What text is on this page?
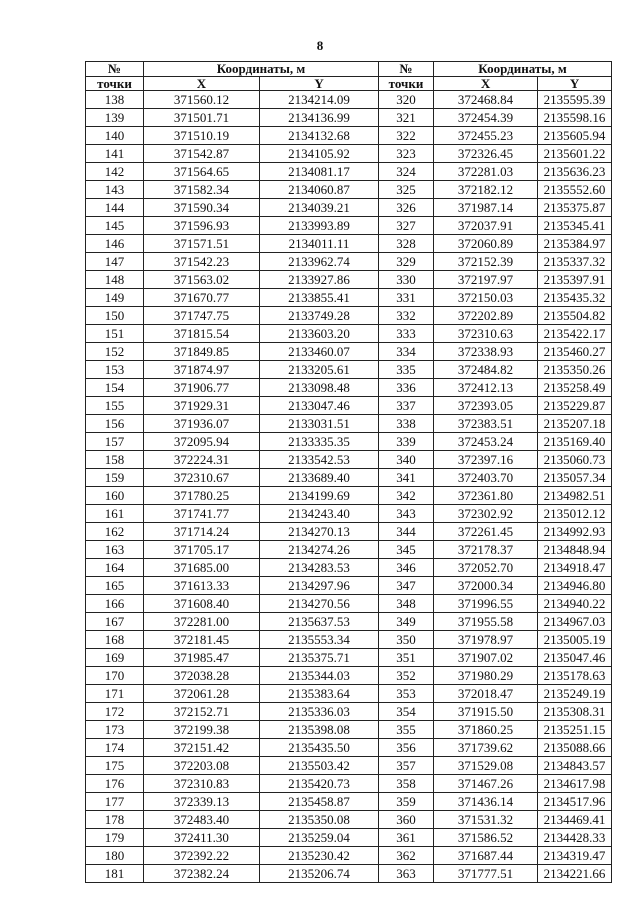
8
№	Координаты, м		№	Координаты, м	
точки	X	Y	точки	X	Y
138	371560.12	2134214.09	320	372468.84	2135595.39
139	371501.71	2134136.99	321	372454.39	2135598.16
140	371510.19	2134132.68	322	372455.23	2135605.94
141	371542.87	2134105.92	323	372326.45	2135601.22
142	371564.65	2134081.17	324	372281.03	2135636.23
143	371582.34	2134060.87	325	372182.12	2135552.60
144	371590.34	2134039.21	326	371987.14	2135375.87
145	371596.93	2133993.89	327	372037.91	2135345.41
146	371571.51	2134011.11	328	372060.89	2135384.97
147	371542.23	2133962.74	329	372152.39	2135337.32
148	371563.02	2133927.86	330	372197.97	2135397.91
149	371670.77	2133855.41	331	372150.03	2135435.32
150	371747.75	2133749.28	332	372202.89	2135504.82
151	371815.54	2133603.20	333	372310.63	2135422.17
152	371849.85	2133460.07	334	372338.93	2135460.27
153	371874.97	2133205.61	335	372484.82	2135350.26
154	371906.77	2133098.48	336	372412.13	2135258.49
155	371929.31	2133047.46	337	372393.05	2135229.87
156	371936.07	2133031.51	338	372383.51	2135207.18
157	372095.94	2133335.35	339	372453.24	2135169.40
158	372224.31	2133542.53	340	372397.16	2135060.73
159	372310.67	2133689.40	341	372403.70	2135057.34
160	371780.25	2134199.69	342	372361.80	2134982.51
161	371741.77	2134243.40	343	372302.92	2135012.12
162	371714.24	2134270.13	344	372261.45	2134992.93
163	371705.17	2134274.26	345	372178.37	2134848.94
164	371685.00	2134283.53	346	372052.70	2134918.47
165	371613.33	2134297.96	347	372000.34	2134946.80
166	371608.40	2134270.56	348	371996.55	2134940.22
167	372281.00	2135637.53	349	371955.58	2134967.03
168	372181.45	2135553.34	350	371978.97	2135005.19
169	371985.47	2135375.71	351	371907.02	2135047.46
170	372038.28	2135344.03	352	371980.29	2135178.63
171	372061.28	2135383.64	353	372018.47	2135249.19
172	372152.71	2135336.03	354	371915.50	2135308.31
173	372199.38	2135398.08	355	371860.25	2135251.15
174	372151.42	2135435.50	356	371739.62	2135088.66
175	372203.08	2135503.42	357	371529.08	2134843.57
176	372310.83	2135420.73	358	371467.26	2134617.98
177	372339.13	2135458.87	359	371436.14	2134517.96
178	372483.40	2135350.08	360	371531.32	2134469.41
179	372411.30	2135259.04	361	371586.52	2134428.33
180	372392.22	2135230.42	362	371687.44	2134319.47
181	372382.24	2135206.74	363	371777.51	2134221.66
